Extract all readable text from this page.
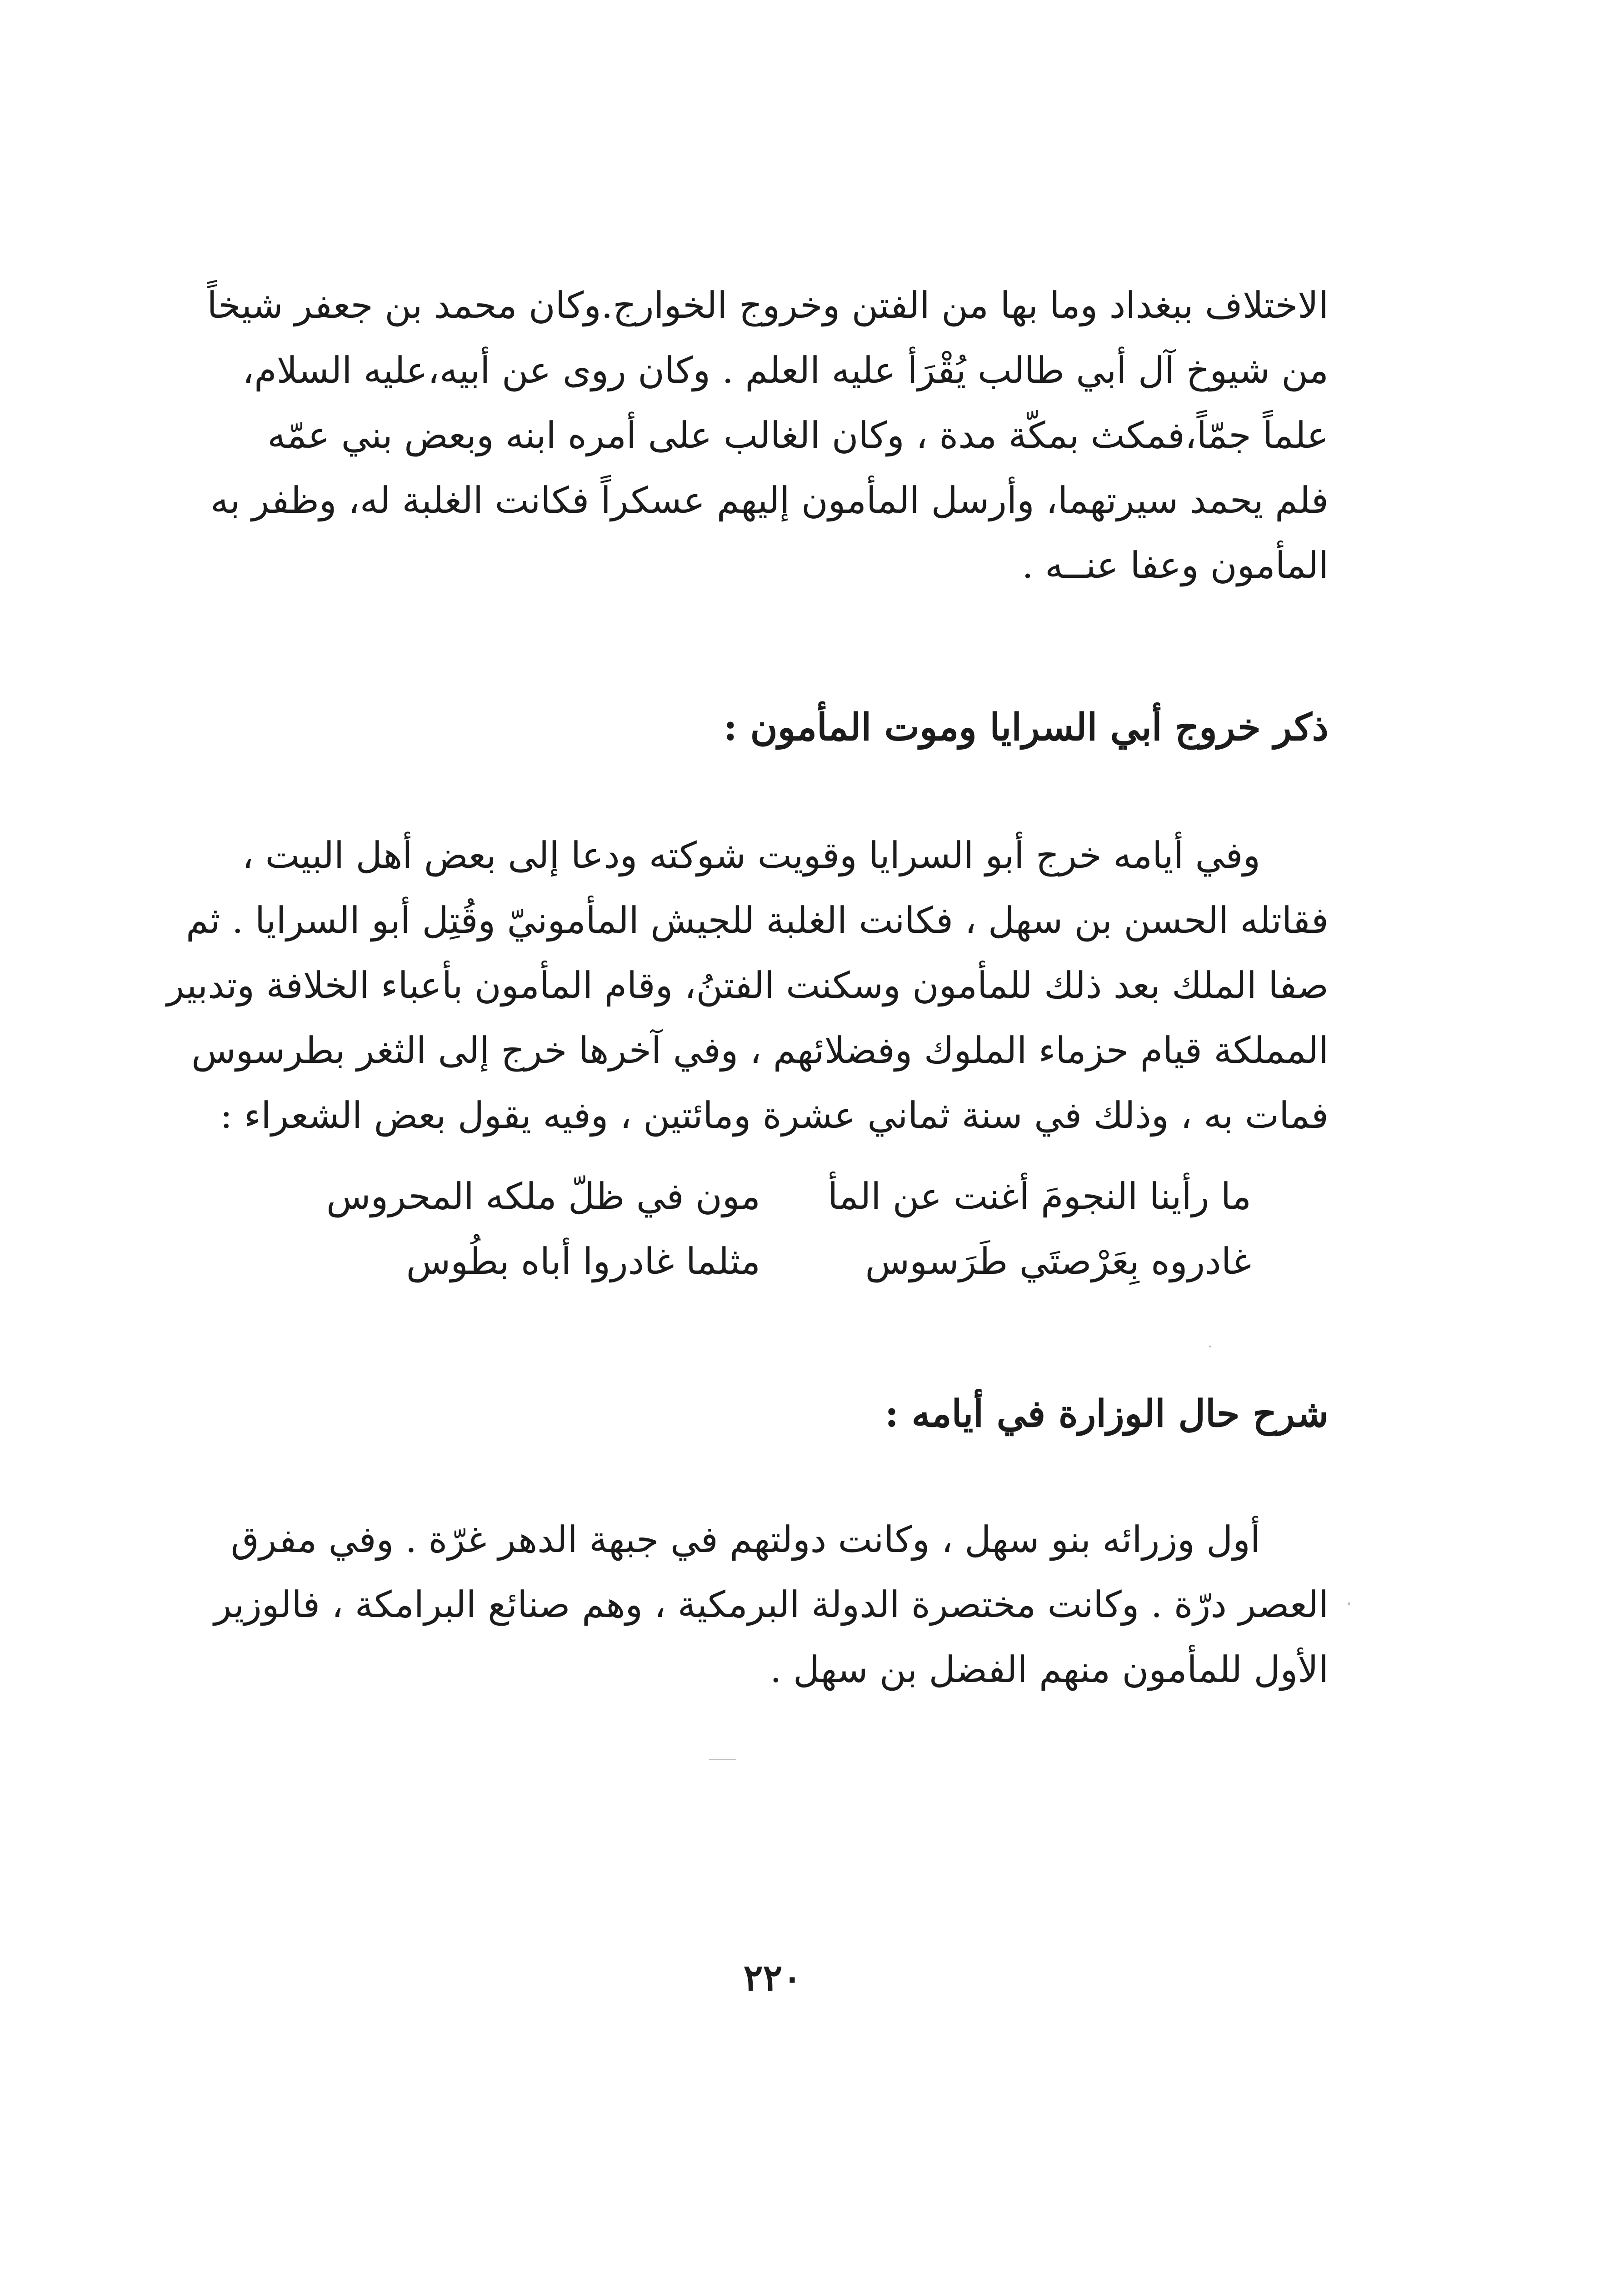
الاختلاف ببغداد وما بها من الفتن وخروج الخوارج.وكان محمد بن جعفر شيخاً
من شيوخ آل أبي طالب يُقْرَأ عليه العلم . وكان روى عن أبيه،عليه السلام،
علماً جمّاً،فمكث بمكّة مدة ، وكان الغالب على أمره ابنه وبعض بني عمّه
فلم يحمد سيرتهما، وأرسل المأمون إليهم عسكراً فكانت الغلبة له، وظفر به
المأمون وعفا عنــه .
ذكر خروج أبي السرايا وموت المأمون :
وفي أيامه خرج أبو السرايا وقويت شوكته ودعا إلى بعض أهل البيت ،
فقاتله الحسن بن سهل ، فكانت الغلبة للجيش المأمونيّ وقُتِل أبو السرايا . ثم
صفا الملك بعد ذلك للمأمون وسكنت الفتنُ، وقام المأمون بأعباء الخلافة وتدبير
المملكة قيام حزماء الملوك وفضلائهم ، وفي آخرها خرج إلى الثغر بطرسوس
فمات به ، وذلك في سنة ثماني عشرة ومائتين ، وفيه يقول بعض الشعراء :
ما رأينا النجومَ أغنت عن المأ
مون في ظلّ ملكه المحروس
غادروه بِعَرْصتَي طَرَسوس
مثلما غادروا أباه بطُوس
شرح حال الوزارة في أيامه :
أول وزرائه بنو سهل ، وكانت دولتهم في جبهة الدهر غرّة . وفي مفرق
العصر درّة . وكانت مختصرة الدولة البرمكية ، وهم صنائع البرامكة ، فالوزير
الأول للمأمون منهم الفضل بن سهل .
٢٢٠
